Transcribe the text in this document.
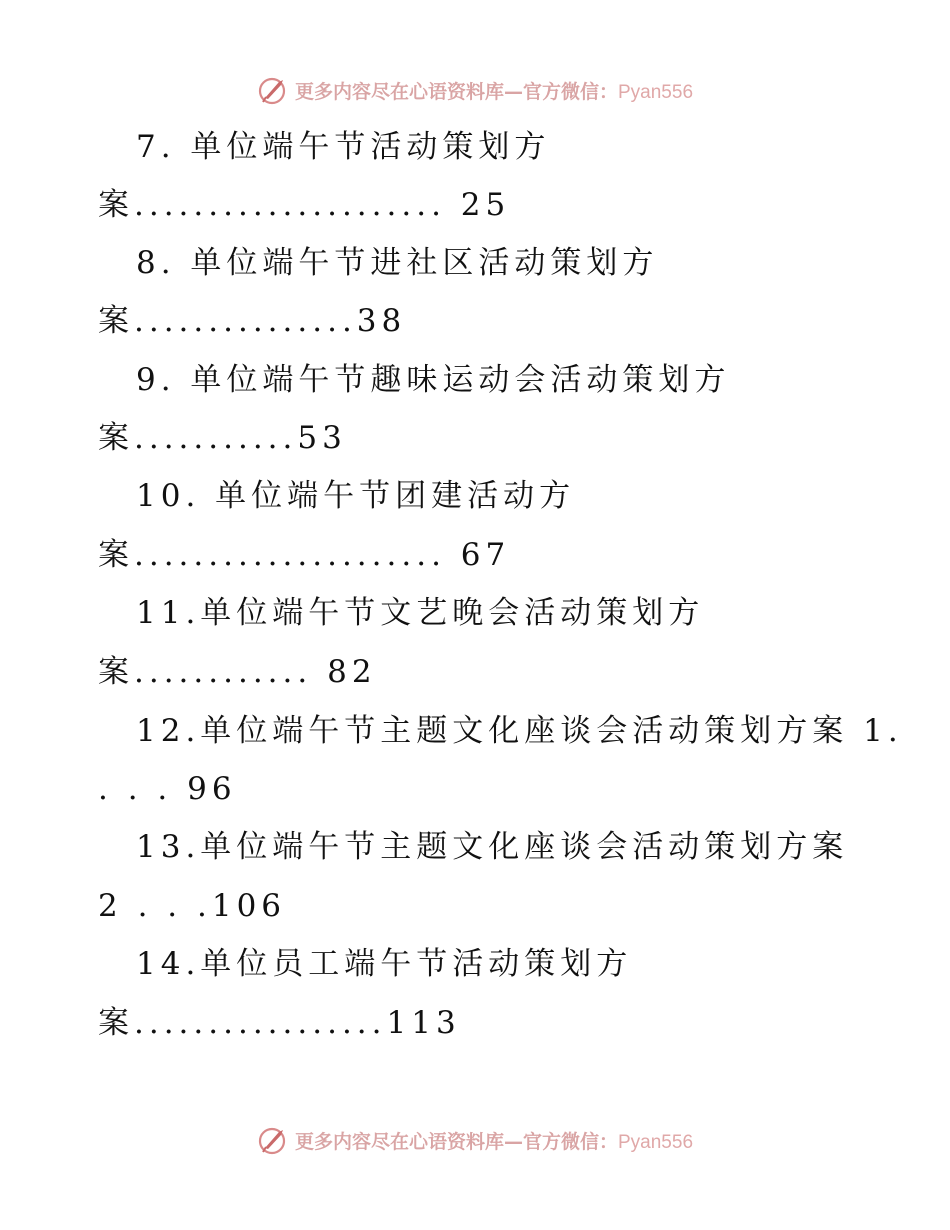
更多内容尽在心语资料库—官方微信：Pyan556
7. 单位端午节活动策划方
案..................... 25
8. 单位端午节进社区活动策划方
案...............38
9. 单位端午节趣味运动会活动策划方
案...........53
10. 单位端午节团建活动方
案..................... 67
11.单位端午节文艺晚会活动策划方
案............ 82
12.单位端午节主题文化座谈会活动策划方案 1.
. . . 96
13.单位端午节主题文化座谈会活动策划方案
2 . . .106
14.单位员工端午节活动策划方
案.................113
更多内容尽在心语资料库—官方微信：Pyan556
